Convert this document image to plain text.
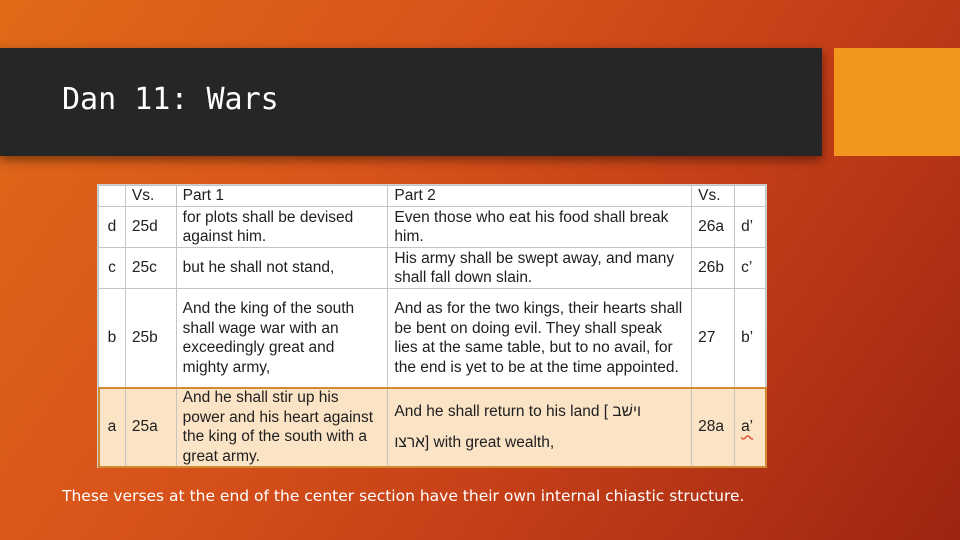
Dan 11: Wars
	Vs.	Part 1	Part 2	Vs.	
d	25d	for plots shall be devised against him.	Even those who eat his food shall break him.	26a	d’
c	25c	but he shall not stand,	His army shall be swept away, and many shall fall down slain.	26b	c’
b	25b	And the king of the south shall wage war with an exceedingly great and mighty army,	And as for the two kings, their hearts shall be bent on doing evil. They shall speak lies at the same table, but to no avail, for the end is yet to be at the time appointed.	27	b’
a	25a	And he shall stir up his power and his heart against the king of the south with a great army.	And he shall return to his land [ וישׁב
ארצו] with great wealth,	28a	a’
These verses at the end of the center section have their own internal chiastic structure.
